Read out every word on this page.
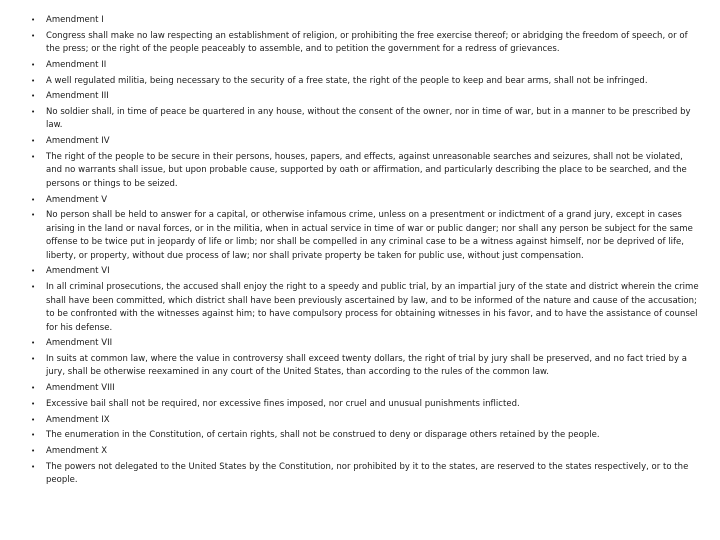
• Amendment I
• Congress shall make no law respecting an establishment of religion, or prohibiting the free exercise thereof; or abridging the freedom of speech, or of the press; or the right of the people peaceably to assemble, and to petition the government for a redress of grievances.
• Amendment II
• A well regulated militia, being necessary to the security of a free state, the right of the people to keep and bear arms, shall not be infringed.
• Amendment III
• No soldier shall, in time of peace be quartered in any house, without the consent of the owner, nor in time of war, but in a manner to be prescribed by law.
• Amendment IV
• The right of the people to be secure in their persons, houses, papers, and effects, against unreasonable searches and seizures, shall not be violated, and no warrants shall issue, but upon probable cause, supported by oath or affirmation, and particularly describing the place to be searched, and the persons or things to be seized.
• Amendment V
• No person shall be held to answer for a capital, or otherwise infamous crime, unless on a presentment or indictment of a grand jury, except in cases arising in the land or naval forces, or in the militia, when in actual service in time of war or public danger; nor shall any person be subject for the same offense to be twice put in jeopardy of life or limb; nor shall be compelled in any criminal case to be a witness against himself, nor be deprived of life, liberty, or property, without due process of law; nor shall private property be taken for public use, without just compensation.
• Amendment VI
• In all criminal prosecutions, the accused shall enjoy the right to a speedy and public trial, by an impartial jury of the state and district wherein the crime shall have been committed, which district shall have been previously ascertained by law, and to be informed of the nature and cause of the accusation; to be confronted with the witnesses against him; to have compulsory process for obtaining witnesses in his favor, and to have the assistance of counsel for his defense.
• Amendment VII
• In suits at common law, where the value in controversy shall exceed twenty dollars, the right of trial by jury shall be preserved, and no fact tried by a jury, shall be otherwise reexamined in any court of the United States, than according to the rules of the common law.
• Amendment VIII
• Excessive bail shall not be required, nor excessive fines imposed, nor cruel and unusual punishments inflicted.
• Amendment IX
• The enumeration in the Constitution, of certain rights, shall not be construed to deny or disparage others retained by the people.
• Amendment X
• The powers not delegated to the United States by the Constitution, nor prohibited by it to the states, are reserved to the states respectively, or to the people.
